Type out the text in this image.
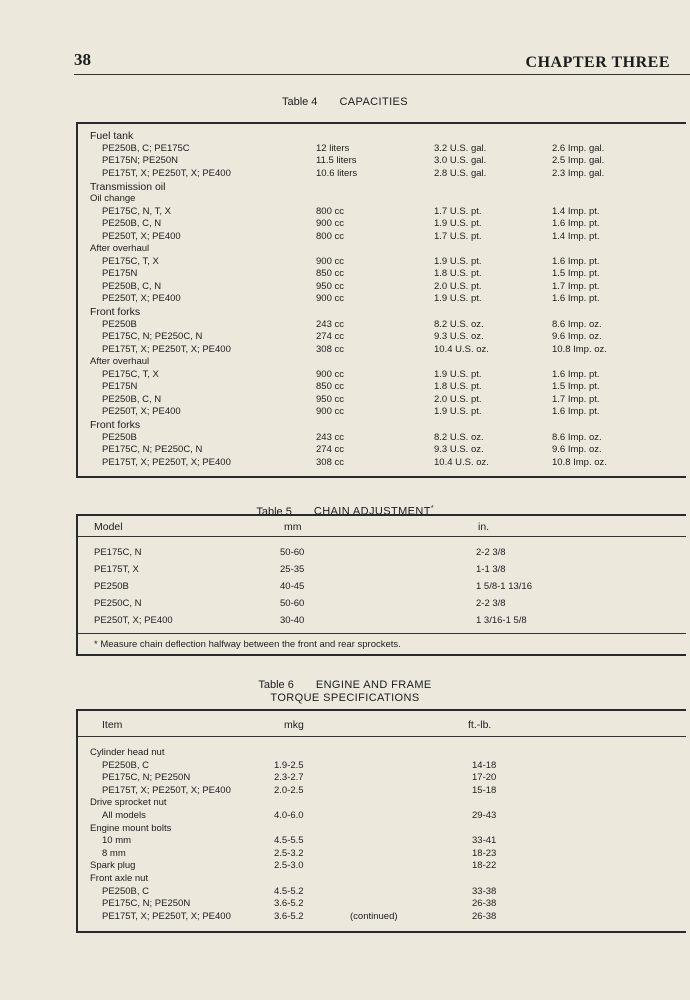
38	CHAPTER THREE
Table 4 CAPACITIES
Fuel tank
PE250B, C; PE175C	12 liters	3.2 U.S. gal.	2.6 Imp. gal.
PE175N; PE250N	11.5 liters	3.0 U.S. gal.	2.5 Imp. gal.
PE175T, X; PE250T, X; PE400	10.6 liters	2.8 U.S. gal.	2.3 Imp. gal.
Transmission oil
Oil change
PE175C, N, T, X	800 cc	1.7 U.S. pt.	1.4 Imp. pt.
PE250B, C, N	900 cc	1.9 U.S. pt.	1.6 Imp. pt.
PE250T, X; PE400	800 cc	1.7 U.S. pt.	1.4 Imp. pt.
After overhaul
PE175C, T, X	900 cc	1.9 U.S. pt.	1.6 Imp. pt.
PE175N	850 cc	1.8 U.S. pt.	1.5 Imp. pt.
PE250B, C, N	950 cc	2.0 U.S. pt.	1.7 Imp. pt.
PE250T, X; PE400	900 cc	1.9 U.S. pt.	1.6 Imp. pt.
Front forks
PE250B	243 cc	8.2 U.S. oz.	8.6 Imp. oz.
PE175C, N; PE250C, N	274 cc	9.3 U.S. oz.	9.6 Imp. oz.
PE175T, X; PE250T, X; PE400	308 cc	10.4 U.S. oz.	10.8 Imp. oz.
After overhaul
PE175C, T, X	900 cc	1.9 U.S. pt.	1.6 Imp. pt.
PE175N	850 cc	1.8 U.S. pt.	1.5 Imp. pt.
PE250B, C, N	950 cc	2.0 U.S. pt.	1.7 Imp. pt.
PE250T, X; PE400	900 cc	1.9 U.S. pt.	1.6 Imp. pt.
Front forks
PE250B	243 cc	8.2 U.S. oz.	8.6 Imp. oz.
PE175C, N; PE250C, N	274 cc	9.3 U.S. oz.	9.6 Imp. oz.
PE175T, X; PE250T, X; PE400	308 cc	10.4 U.S. oz.	10.8 Imp. oz.
Table 5 CHAIN ADJUSTMENT*
Model	mm	in.
PE175C, N	50-60	2-2 3/8
PE175T, X	25-35	1-1 3/8
PE250B	40-45	1 5/8-1 13/16
PE250C, N	50-60	2-2 3/8
PE250T, X; PE400	30-40	1 3/16-1 5/8
* Measure chain deflection halfway between the front and rear sprockets.
Table 6 ENGINE AND FRAME
TORQUE SPECIFICATIONS
Item	mkg	ft.-lb.
Cylinder head nut
PE250B, C	1.9-2.5	14-18
PE175C, N; PE250N	2.3-2.7	17-20
PE175T, X; PE250T, X; PE400	2.0-2.5	15-18
Drive sprocket nut
All models	4.0-6.0	29-43
Engine mount bolts
10 mm	4.5-5.5	33-41
8 mm	2.5-3.2	18-23
Spark plug	2.5-3.0	18-22
Front axle nut
PE250B, C	4.5-5.2	33-38
PE175C, N; PE250N	3.6-5.2	26-38
PE175T, X; PE250T, X; PE400	3.6-5.2	26-38
(continued)
